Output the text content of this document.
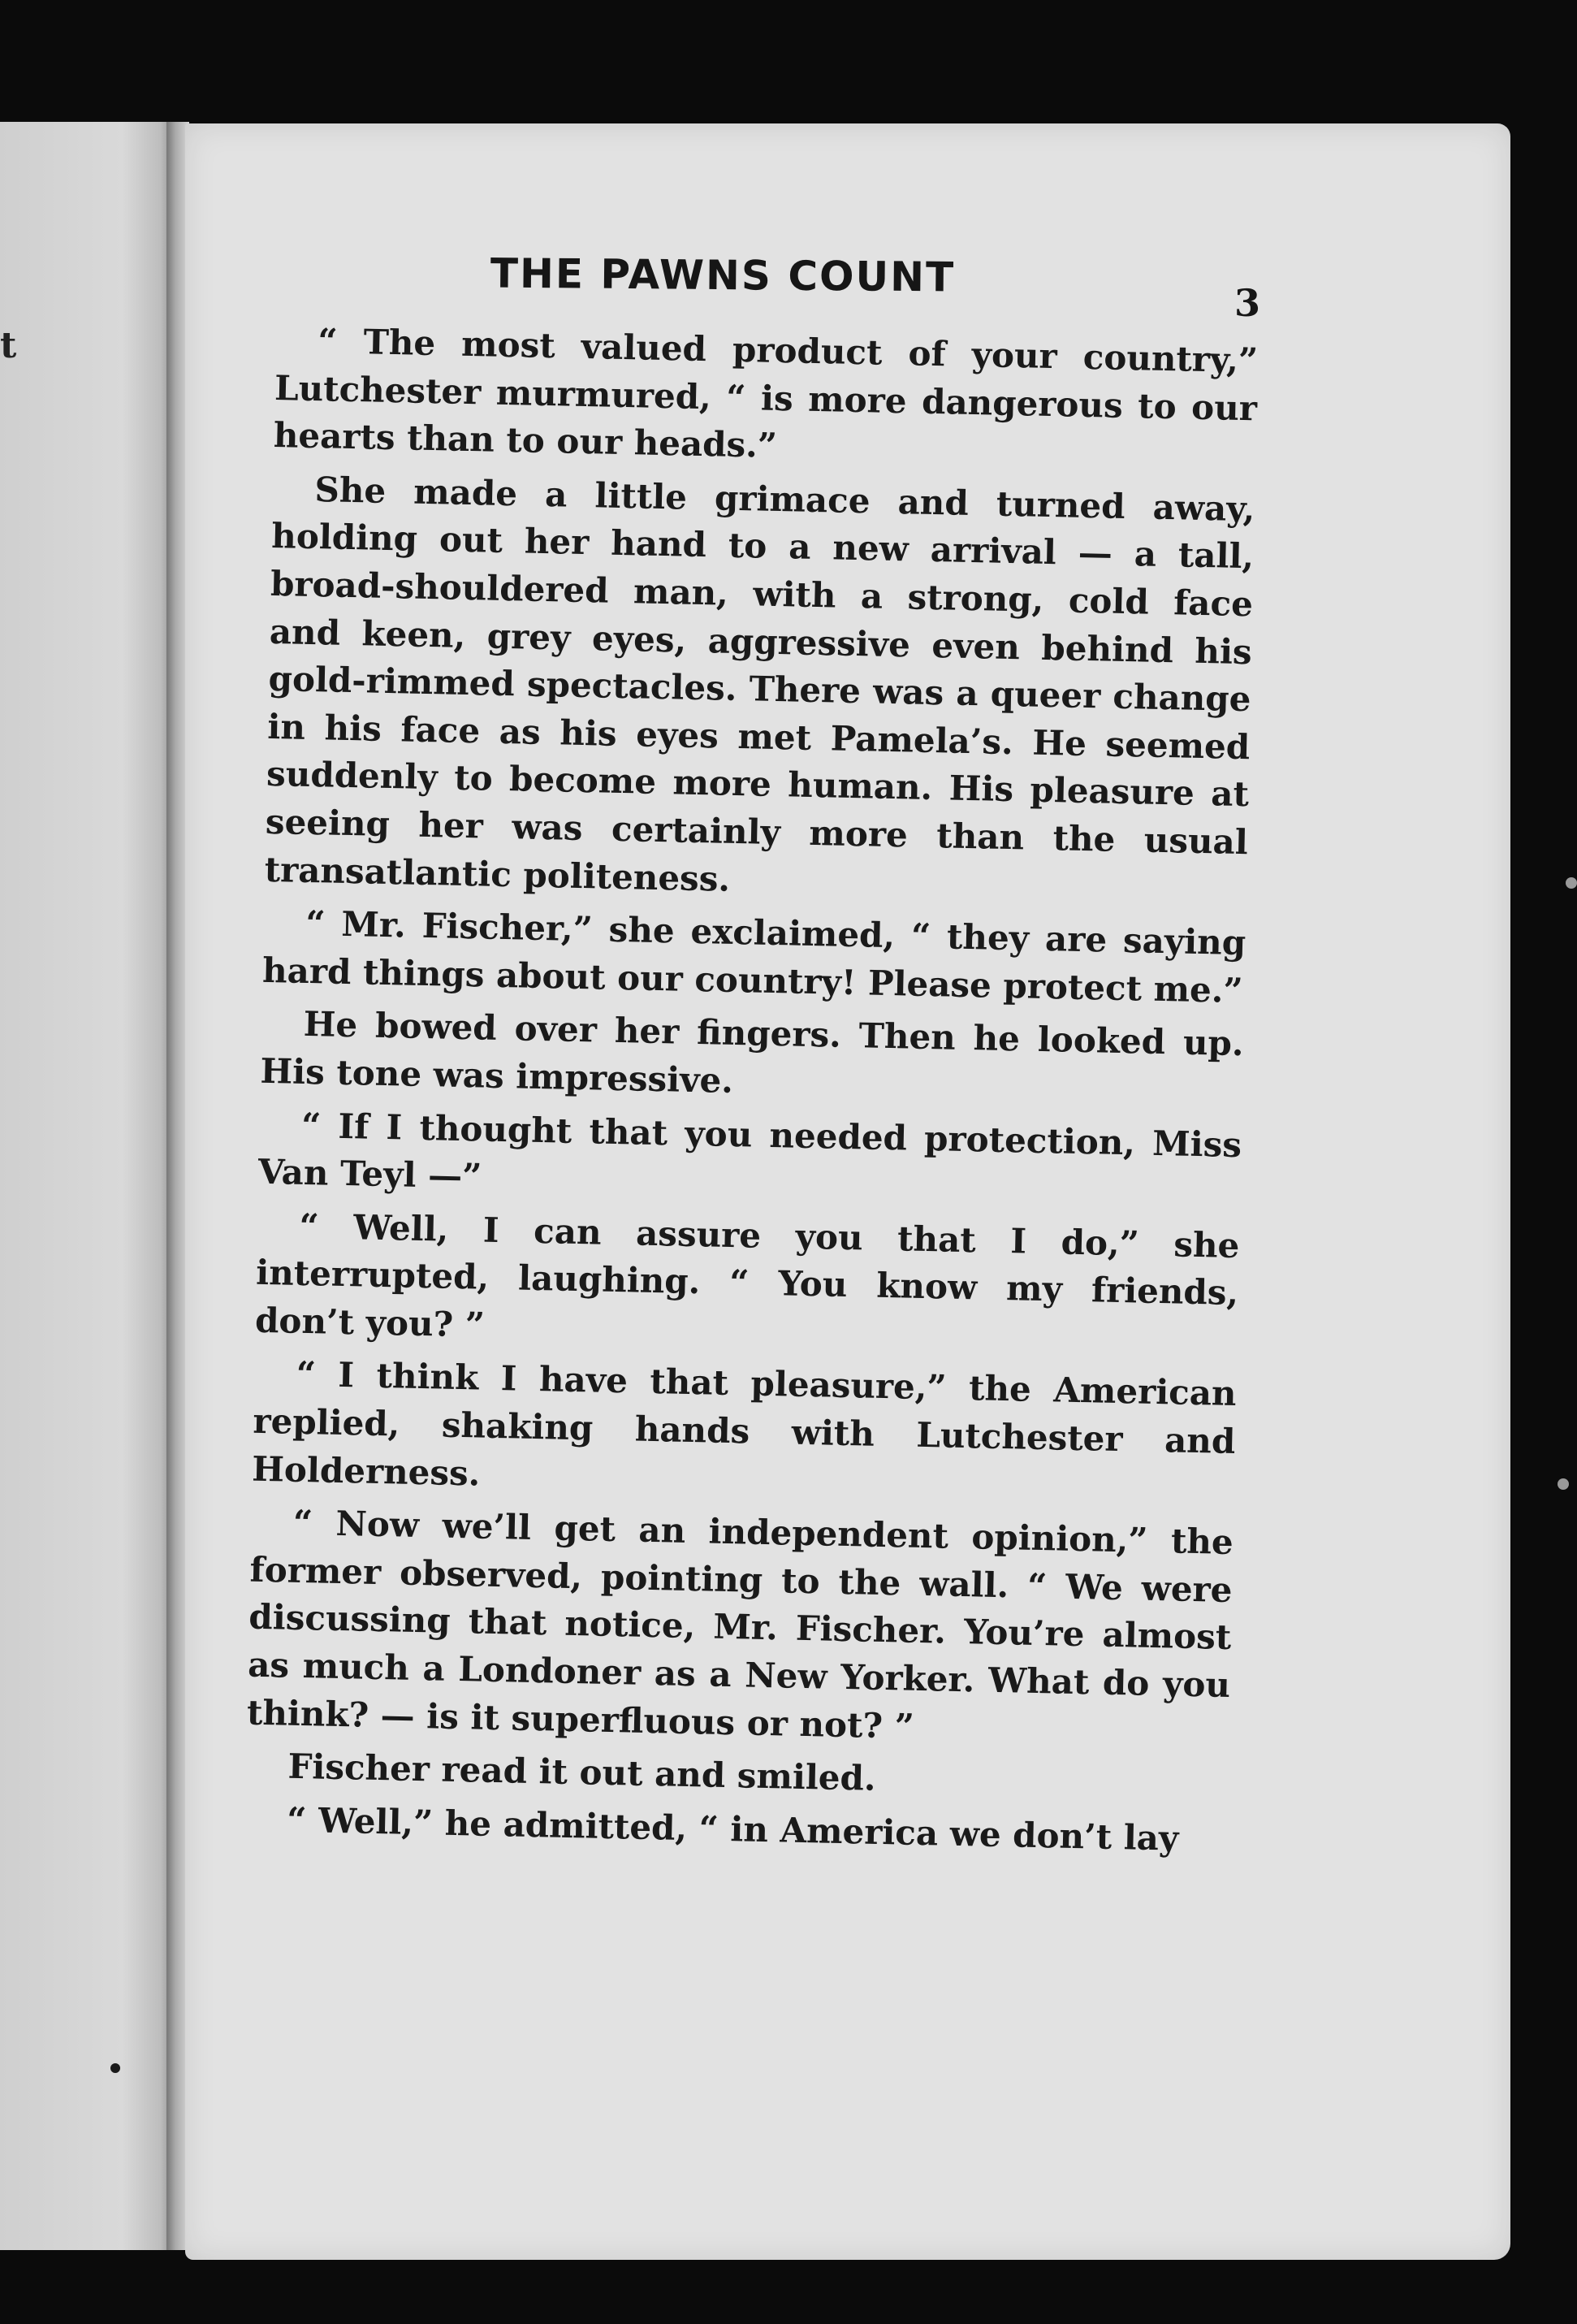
t
THE PAWNS COUNT
3

“ The most valued product of your country,” Lutchester murmured, “ is more dangerous to our hearts than to our heads.”

She made a little grimace and turned away, holding out her hand to a new arrival — a tall, broad-shouldered man, with a strong, cold face and keen, grey eyes, aggressive even behind his gold-rimmed spectacles. There was a queer change in his face as his eyes met Pamela’s. He seemed suddenly to become more human. His pleasure at seeing her was certainly more than the usual transatlantic politeness.

“ Mr. Fischer,” she exclaimed, “ they are saying hard things about our country! Please protect me.”

He bowed over her fingers. Then he looked up. His tone was impressive.

“ If I thought that you needed protection, Miss Van Teyl —”

“ Well, I can assure you that I do,” she interrupted, laughing. “ You know my friends, don’t you? ”

“ I think I have that pleasure,” the American replied, shaking hands with Lutchester and Holderness.

“ Now we’ll get an independent opinion,” the former observed, pointing to the wall. “ We were discussing that notice, Mr. Fischer. You’re almost as much a Londoner as a New Yorker. What do you think? — is it superfluous or not? ”

Fischer read it out and smiled.

“ Well,” he admitted, “ in America we don’t lay
